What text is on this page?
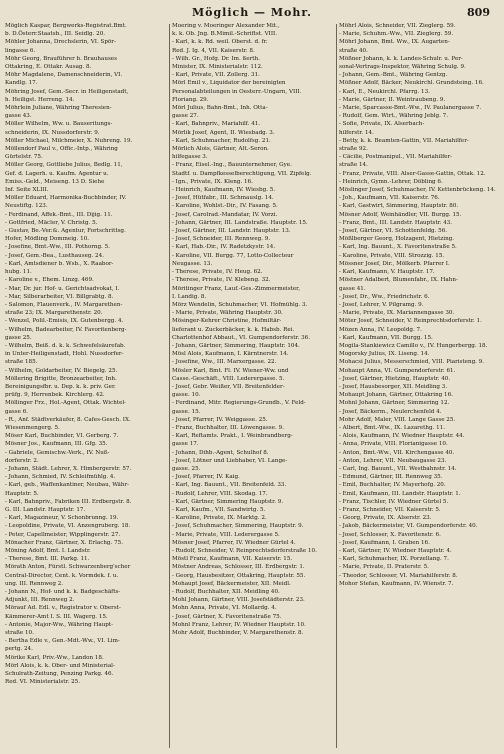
Möglich — Mohr.	809

Möglich Kaspar, Bergwerks-Registrat.Bmt.

b. D.Österr.Staatsb., III. Seidlg. 20.

Möhler Johanna, Drechslerin, VI. Spör-

lingasse 6.

Möhr Georg, Brauführer b. Brauhauses

Ottakring, E. Ottakr. Ausag. 8.

Möhr Magdalene, Damenschneiderin, VI.

Kandlg. 17.

Möhring Josef, Gem.-Secr. in Heiligenstadt,

h. Heiligst. Herreng. 14.

Möhrlein Juliane, Währing Theresien-

gasse 43.

Möller Wilhelm, Ww. u. Bauseritungs-

schneiderin, IX. Nussdorferstr. 9.

Möller Michael, Milchmeier, X. Nuhreng. 19.

Möllendorf Paul v., Offic.-Intp., Währing

Gürtelstr. 75.

Möller Georg, Gottliebe Julius, Bedlg. 11,

Gef. d. Lagerh. u. Kaufm. Agentur u.

Emiss.-Geld., Meiseng. 13 D. Siehe

Inf. Seite XLIII.

Möller Eduard, Harmonika-Buchbinder, IV.

Neustiftg. 123.

- Ferdinand, Affek.-Bmt., III. Dijig. 11.

- Gottfried, Mäcler, V. Christg. 5.

- Gustav, Be.-Ver.&. Agentur, Fortschrittsg.

Hofer, Mödling Dommeig. 10.

- Josefine, Bmt.-Ww., III. Pothorng. 5.

- Josef, Gem.-Bea., Lusthauseg. 24.

- Karl, Amtsdiener b. Wsb., X. Raabor-

hubg. 11.

- Karoline v., Ehem. Linzg. 469.

- Mar, Dr. jur. Hof- u. Gerichtsadvokat, I.

- Mar, Silberarbeiter, VI. Billgrabtg. 8.

- Salomon, Flauenverk., IV. Margarethen-

straße 23; IX. Margarethenstr. 20.

- Wenzel, Polil.-Emisis, IX. Gutenbergg. 4.

- Wilhelm, Badearbeiter, IV. Favoritenberg-

gasse 25.

- Wilhelm, Beiß. d. k. k. Schwefelsäurefab.

in Unter-Heiligenstadt, Hohl. Nussdorfer-

straße 185.

- Wilhelm, Goldarbeiter, IV. Biegelg. 25.

Möllering Brigitte, Bronzearbeiter, Inh.

Bereinigungsfbr. u. Dep. k. k. priv. Ger.

prüfg. 9, Herrenbek. Kirchlerg. 42.

Möllinger Frz., Hol.-Agent, Ottak. Wichtel-

gasse 6.

- R., Anf. Städtverkäufer, 8. Cafes-Gesch. IX.

Wiesenmengerg. 5.

Möser Karl, Buchbinder, VI. Gerberg. 7.

Mösner Jos., Kaufmann, III. Gfg. 35.

- Gabriele, Gemischw.-Verk., IV. Nuß-

dorferstr. 2.

- Johann, Städt. Lehrer, X. Himbergerstr. 57.

- Johann, Schmied, IV. Schleifmühlg. 4.

- Karl, geb., Waffenkantiner, Neubau, Währ-

Hauptstr. 5.

- Karl, Bahnpriv., Fabriken III. Erdbergstr. 8.

G. III. Landstr. Hauptstr. 17.

- Karl, Magazineur, V. Schonbrunng. 19.

- Leopoldine, Private, VI. Anzengruberg. 18.

- Peter, Capellmeister, Wipplingerstr. 27.

Mönacher Franz, Gärtner, X. Erlachg. 75.

Möning Adolf, Bmt. I. Landstr.

- Therese, Bmt. III. Parkg. 11.

Mörath Anton, Fürstl. Schwarzenberg'scher

Central-Director, Cent. k. Vormdek. f. u.

ung. III. Rennweg 2.

- Johann N., Hof- und k. k. Badgeschäfts-

Adjunkt, III. Rennweg 2.

Mörauf Ad. Edl. v., Registrator v. Oberst-

Kämmerer-Amt I. S. III. Wagerg. 15.

- Antonie, Major-Ww., Währing Haupt-

straße 10.

- Bertha Edle v., Gen.-Mdt.-Ww., VI. Lim-

pertg. 24.

Mörike Karl, Priv.-Ww., Landon 18.

Mörl Alois, k. k. Ober- und Ministerial-

Schulrath-Zeitung, Penzing Parkg. 46.

Red. VI. Ministerialstr. 25.

Moering v. Moeringer Alexander Mit.,

k. k. Ob. Jng. B.Mimil.-Schriftst. VIII.

- Karl, k. k. Rd. weil. Oberst. d. fr.

Red. J. Ig. 4, VII. Kaiserstr. 8.

- Wilh. Gr., Hofg. Dr. Im. ßerth.

Minister, IX. Ministerialstr. 112.

- Karl, Private, VII. Zollerg. 31.

Mörl Emil v., Liquidator der bereinigten

Personalabteilungen in Oesterr.-Ungarn, VIII.

Floriang. 29.

Mörl Julius, Bahn-Bmt., Inh. Otta-

gasse 27.

- Karl, Bahnpriv., Mariahilf. 41.

Mörlik Josef, Agent, II. Wiesbadg. 3.

- Karl, Schuhmacher, Rudolfsg. 21.

Mörlich Alois, Gärtner, Alt.-Seron.

hilfegasse 3.

- Franz, Eisel.-Ing., Bauunternehmer, Gye.

Stadtf. u. Dampfkesselberechtigung, VII. Zipfelg.

- Ign., Private, IX. Kleng. 16.

- Heinrich, Kaufmann, IV. Wiesbg. 5.

- Josef, Hütfabr., III. Schmauslg. 14.

- Karoline, Wohlst.-Dir., IV. Fasang. 5.

- Josef, Carolrad.-Mandatar, IV. Vorzi.

- Johann, Gärtner, III. Landstraße. Hauptstr. 15.

- Josef, Gärtner, III. Landstr. Hauptstr. 13.

- Josef, Schneider, III. Rennweg. 9.

- Karl, Hab.-Dir., IV. Radetzkystr. 14.

- Karoline, VII. Burgg. 77, Lotto-Collecteur

Neugasse. 13.

- Therese, Private, IV. Heug. 62.

- Therese, Private, IV. Klebeng. 32.

Möritinger Franz, Lauf.-Ges.-Zimmermeister,

I. Landig. 8.

Mörz Wendelin, Schuhmacher, VI. Hofmühlg. 3.

- Marie, Private, Währing Hauptstr. 30.

Mösinger-Kehrer Christine, Hofmiltär-

lieferant u. Zuckerbäcker, k. k. Habsb. Rei.

Charlottenhof Abbaut., VI. Gumpendorferstr. 36.

- Johann, Gärtner, Simmering, Hauptstr. 104.

Mösl Alois, Kaufmann, I. Kärntnerstr. 14.

- Josefine, Ww., III. Marxergasse. 22.

Mösler Karl, Bmt. Fl. IV. Wiener-Ww. und

Casse.-Geschäft., VIII. Lederergasse. 5.

- Josef, Gebr. Weißer, VII. Breitenfelder-

gasse. 10.

- Ferdinand, Mitr. Regierungs-Grundb., V. Feld-

gasse. 15.

- Josef, Pfarrer, IV. Weiggasse. 25.

- Franz, Buchhalter, III. Löwengasse. 9.

- Karl, Reftamts. Prakt., I. Weinbrandberg-

gasse 17.

- Johann, Dihb.-Agent, Schulhof 8.

- Josef, Lötner und Liebhaber, VI. Lange-

gasse. 25.

- Josef, Pfarrer, IV. Kaig.

- Karl, Ing. Bauunt., VII. Breitenfeld. 33.

- Rudolf, Lehrer, VIII. Skodag. 17.

- Karl, Gärtner, Simmering Hauptstr. 9.

- Karl, Kaufm., VII. Sandwirtg. 5.

- Karoline, Private, IX. Marktg. 2.

- Josef, Schuhmacher, Simmering, Hauptstr. 9.

- Marie, Private, VIII. Lederergasse 5.

Mösner Josef, Pfarrer, IV. Wiedner Gürtel 4.

- Rudolf, Schneider, V. Reinprechtsdorferstraße 10.

Möstl Franz, Kaufmann, VII. Kaiserstr. 15.

Möstner Andreas, Schlosser, III. Erdbergstr. 1.

- Georg, Hausbesitzer, Ottakring, Hauptstr. 55.

Mohaupt Josef, Bäckermeister, XII. Meidl.

- Rudolf, Buchhalter, XII. Meidling 40.

Mohl Johann, Gärtner, VIII. Josefstädterstr. 23.

Mohn Anna, Private, VI. Mollardg. 4.

- Josef, Gärtner, X. Favoritenstraße 75.

Mohnl Franz, Lehrer, IV. Wiedner Hauptstr. 10.

Mohr Adolf, Buchbinder, V. Margarethenstr. 8.

Möhrl Alois, Schneider, VII. Zieglerg. 59.

- Marie, Schuhm.-Ww., VII. Zieglerg. 59.

Möhrl Johann, Bmt. Ww., IX. Augarten-

straße 40.

Mößner Johann, k. k. Landes-Schulr. u. Per-

sonal-Vertrags-Inspektor, Währing Schulg. 9.

- Johann, Gem.-Bmt., Währing Gentzg.

Mößner Adolf, Bäcker, Neukirchl. Grundsteing. 16.

- Karl, E., Neukirchl. Pfarrg. 13.

- Marie, Gärtner, II. Weintraubeng. 9.

- Marie, Sparcasse-Bmt.-Ww., IV. Paulanergasse 7.

- Rudolf, Gem. Wirt., Währing Jeblg. 7.

- Sofie, Private, IX. Alserbach-

hilferstr. 14.

- Betty, k. k. Beamten-Gattin, VII. Mariahilfer-

straße 92.

- Cäcilie, Postmanipul., VII. Mariahilfer-

straße 14.

- Franz, Private, VIII. Alser-Gasse-Gattin, Ottak. 12.

- Heinrich, Gymn.-Lehrer, Döbling 6.

Möslinger Josef, Schuhmacher, IV. Kettenbrückeng. 14.

- Joh., Kaufmann, VII. Kaiserstr. 76.

- Karl, Gastwirt, Simmering, Hauptstr. 80.

Mösner Adolf, Weinhändler, VII. Burgg. 15.

- Franz, Bmt., III. Landstr. Hauptstr. 43.

- Josef, Gärtner, VI. Schottenfeldg. 56.

Mößlberger Georg, Holzagent, Hietzing.

- Karl, Ing. Bauunt., X. Favoritenstraße 5.

- Karoline, Private, VIII. Strozzig. 15.

Mössner Josef, Dir., Mölkerb. Pfarrer I.

- Karl, Kaufmann, V. Hauptstr. 17.

Möstner Adalbert, Blumenfabr., IX. Hahn-

gasse 41.

- Josef, Dr., Ww., Friedrichstr. 6.

- Josef, Lehrer, V. Pilgramg. 9.

- Marie, Private, IX. Mariannengasse 30.

Möter Josef, Schneider, V. Reinprechtsdorferstr. 1.

Mözen Anna, IV. Leopoldg. 7.

- Karl, Kaufmann, VII. Burgg. 15.

Mogila-Stankiewicz Camillo v., IV. Hungerbergg. 18.

Mogorsky Julius, IX. Liseng. 14.

Mohacsi Julius, Messerschmied, VIII. Piaristeng. 9.

Mohaupt Anna, VI. Gumpendorferstr. 61.

- Josef, Gärtner, Hietzing, Hauptstr. 40.

- Josef, Hausbesorger, XII. Meidling 3.

Mohaupt Johann, Gärtner, Ottakring 16.

Mohnl Johann, Gärtner, Simmering 12.

- Josef, Bäckerm., Neulerchenfeld 4.

Mohr Adolf, Maler, VIII. Lange Gasse 25.

- Albert, Bmt.-Ww., IX. Lazarethg. 11.

- Alois, Kaufmann, IV. Wiedner Hauptstr. 44.

- Anna, Private, VIII. Florianigasse 10.

- Anton, Bmt.-Ww., VII. Kirchengasse 40.

- Anton, Lehrer, VII. Neubaugasse 23.

- Carl, Ing. Bauunt., VII. Westbahnstr. 14.

- Edmund, Gärtner, III. Rennweg 35.

- Emil, Buchhalter, IV. Mayerhofg. 20.

- Emil, Kaufmann, III. Landstr. Hauptstr. 1.

- Franz, Tischler, IV. Wiedner Gürtel 5.

- Franz, Schneider, VII. Kaiserstr. 5.

- Georg, Private, IX. Alserstr. 23.

- Jakob, Bäckermeister, VI. Gumpendorferstr. 40.

- Josef, Schlosser, X. Favoritenstr. 6.

- Josef, Kaufmann, I. Graben 16.

- Karl, Gärtner, IV. Wiedner Hauptstr. 4.

- Karl, Schuhmacher, IX. Porzellang. 7.

- Marie, Private, II. Praterstr. 5.

- Theodor, Schlosser, VI. Mariahilferstr. 8.

Mohor Stefan, Kaufmann, IV. Wienstr. 7.
